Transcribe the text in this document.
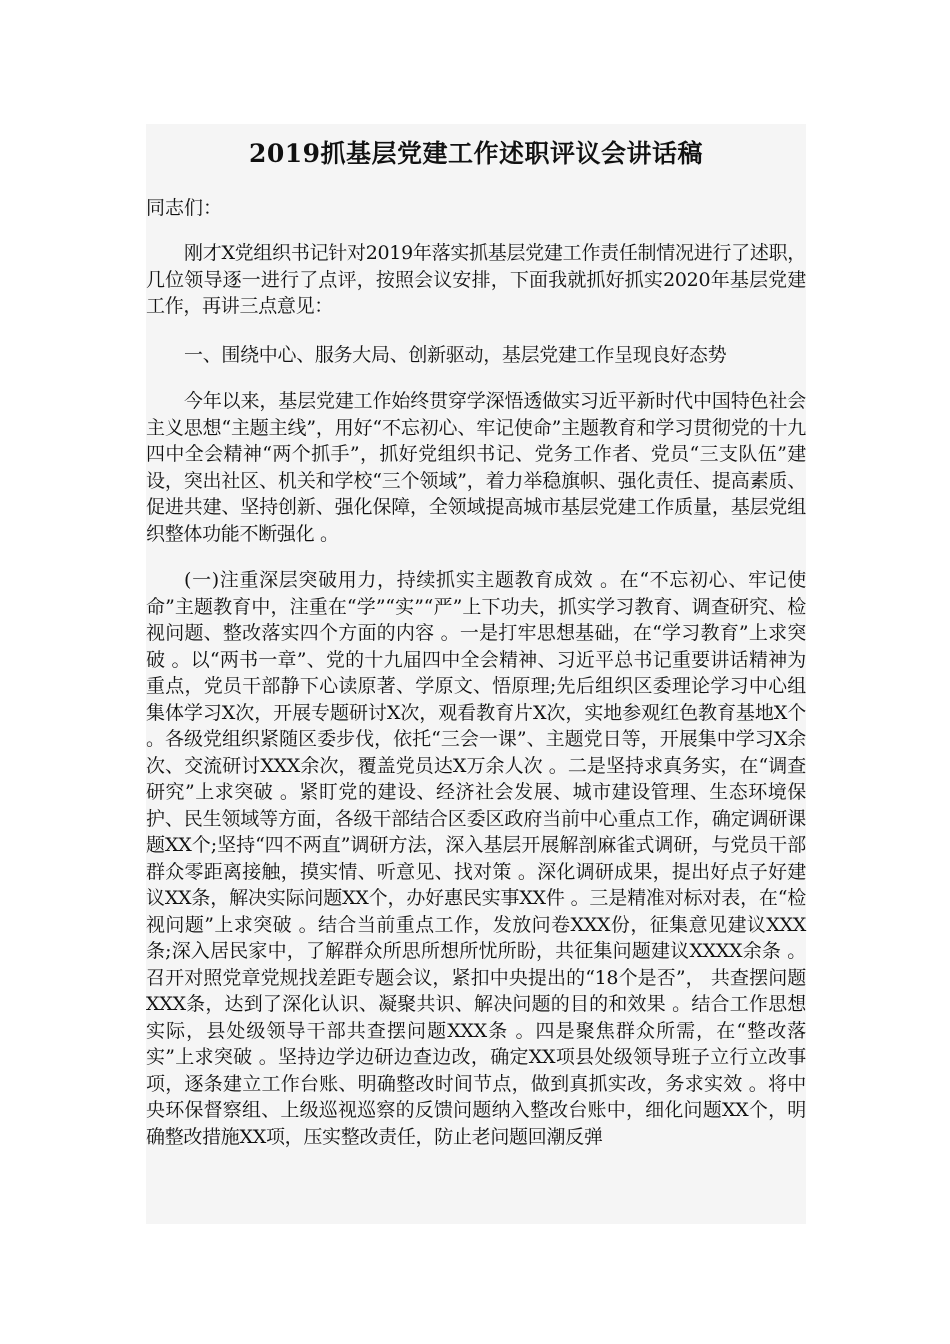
2019抓基层党建工作述职评议会讲话稿

同志们：

刚才X党组织书记针对2019年落实抓基层党建工作责任制情况进行了述职，几位领导逐一进行了点评，按照会议安排，下面我就抓好抓实2020年基层党建工作，再讲三点意见：

一、围绕中心、服务大局、创新驱动，基层党建工作呈现良好态势

今年以来，基层党建工作始终贯穿学深悟透做实习近平新时代中国特色社会主义思想“主题主线”，用好“不忘初心、牢记使命”主题教育和学习贯彻党的十九四中全会精神“两个抓手”，抓好党组织书记、党务工作者、党员“三支队伍”建设，突出社区、机关和学校“三个领域”，着力举稳旗帜、强化责任、提高素质、促进共建、坚持创新、强化保障，全领域提高城市基层党建工作质量，基层党组织整体功能不断强化 。

(一)注重深层突破用力，持续抓实主题教育成效 。在“不忘初心、牢记使命”主题教育中，注重在“学”“实”“严”上下功夫，抓实学习教育、调查研究、检视问题、整改落实四个方面的内容 。一是打牢思想基础，在“学习教育”上求突破 。以“两书一章”、党的十九届四中全会精神、习近平总书记重要讲话精神为重点，党员干部静下心读原著、学原文、悟原理;先后组织区委理论学习中心组集体学习X次，开展专题研讨X次，观看教育片X次，实地参观红色教育基地X个 。各级党组织紧随区委步伐，依托“三会一课”、主题党日等，开展集中学习X余次、交流研讨XXX余次，覆盖党员达X万余人次 。二是坚持求真务实，在“调查研究”上求突破 。紧盯党的建设、经济社会发展、城市建设管理、生态环境保护、民生领域等方面，各级干部结合区委区政府当前中心重点工作，确定调研课题XX个;坚持“四不两直”调研方法，深入基层开展解剖麻雀式调研，与党员干部群众零距离接触，摸实情、听意见、找对策 。深化调研成果，提出好点子好建议XX条，解决实际问题XX个，办好惠民实事XX件 。三是精准对标对表，在“检视问题”上求突破 。结合当前重点工作，发放问卷XXX份，征集意见建议XXX条;深入居民家中，了解群众所思所想所忧所盼，共征集问题建议XXXX余条 。召开对照党章党规找差距专题会议，紧扣中央提出的“18个是否”， 共查摆问题XXX条，达到了深化认识、凝聚共识、解决问题的目的和效果 。结合工作思想实际，县处级领导干部共查摆问题XXX条 。四是聚焦群众所需，在“整改落实”上求突破 。坚持边学边研边查边改，确定XX项县处级领导班子立行立改事项，逐条建立工作台账、明确整改时间节点，做到真抓实改，务求实效 。将中央环保督察组、上级巡视巡察的反馈问题纳入整改台账中，细化问题XX个，明确整改措施XX项，压实整改责任，防止老问题回潮反弹
